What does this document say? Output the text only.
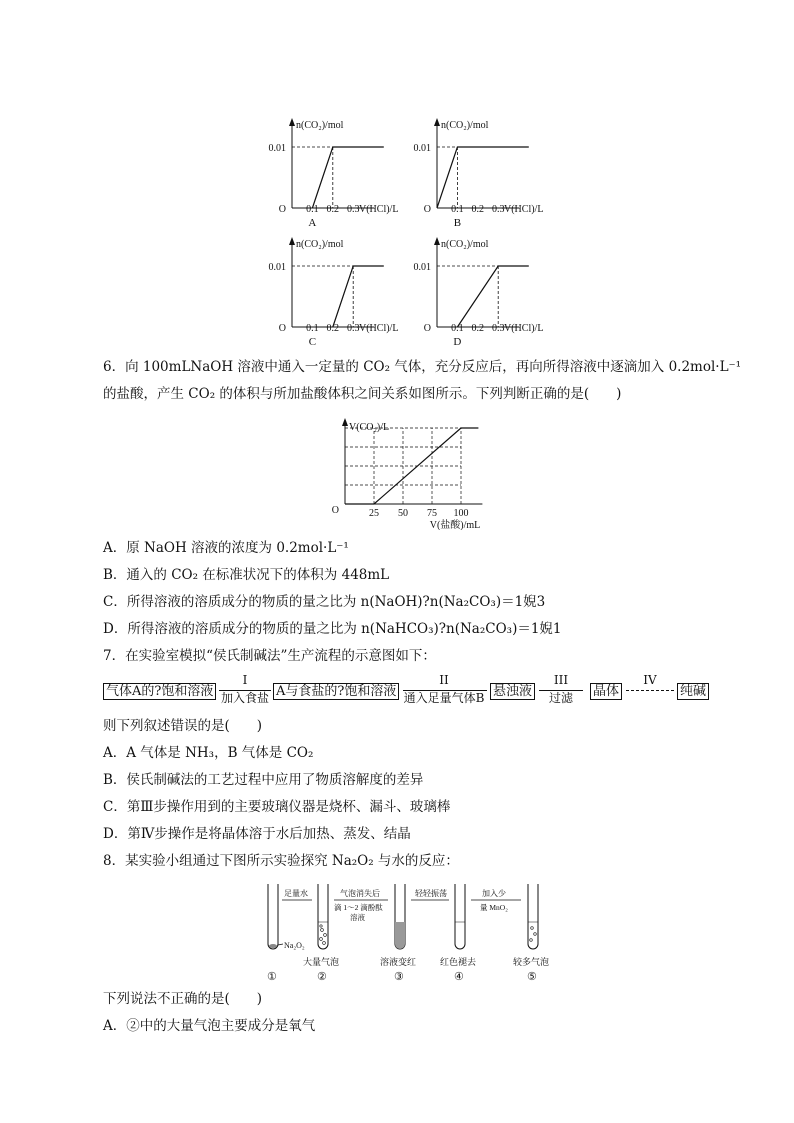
n(CO₂)/mol
O	V(HCl)/L
0.01
0.1 0.2 0.3
A
n(CO₂)/mol
O	V(HCl)/L
0.01
0.1 0.2 0.3
B
n(CO₂)/mol
O	V(HCl)/L
0.01
0.1 0.2 0.3
C
n(CO₂)/mol
O	V(HCl)/L
0.01
0.1 0.2 0.3
D
6．向 100mLNaOH 溶液中通入一定量的 CO₂ 气体，充分反应后，再向所得溶液中逐滴加入 0.2mol·L⁻¹
的盐酸，产生 CO₂ 的体积与所加盐酸体积之间关系如图所示。下列判断正确的是(　　)
V(CO₂)/L
O	25 50 75 100
V(盐酸)/mL
A．原 NaOH 溶液的浓度为 0.2mol·L⁻¹
B．通入的 CO₂ 在标准状况下的体积为 448mL
C．所得溶液的溶质成分的物质的量之比为 n(NaOH)?n(Na₂CO₃)＝1婗3
D．所得溶液的溶质成分的物质的量之比为 n(NaHCO₃)?n(Na₂CO₃)＝1婗1
7．在实验室模拟“侯氏制碱法”生产流程的示意图如下：
气体A的?饱和溶液
I
加入食盐 A与食盐的?饱和溶液
II
通入足量气体B 悬浊液
III
过滤	晶体
IV
纯碱
则下列叙述错误的是(　　)
A．A 气体是 NH₃，B 气体是 CO₂
B．侯氏制碱法的工艺过程中应用了物质溶解度的差异
C．第Ⅲ步操作用到的主要玻璃仪器是烧杯、漏斗、玻璃棒
D．第Ⅳ步操作是将晶体溶于水后加热、蒸发、结晶
8．某实验小组通过下图所示实验探究 Na₂O₂ 与水的反应：
Na₂O₂
足量水	气泡消失后
滴 1～2 滴酚酞
溶液
轻轻振荡	加入少
量 MnO₂
大量气泡	溶液变红	红色褪去	较多气泡
①	②	③	④	⑤
下列说法不正确的是(　　)
A．②中的大量气泡主要成分是氧气
